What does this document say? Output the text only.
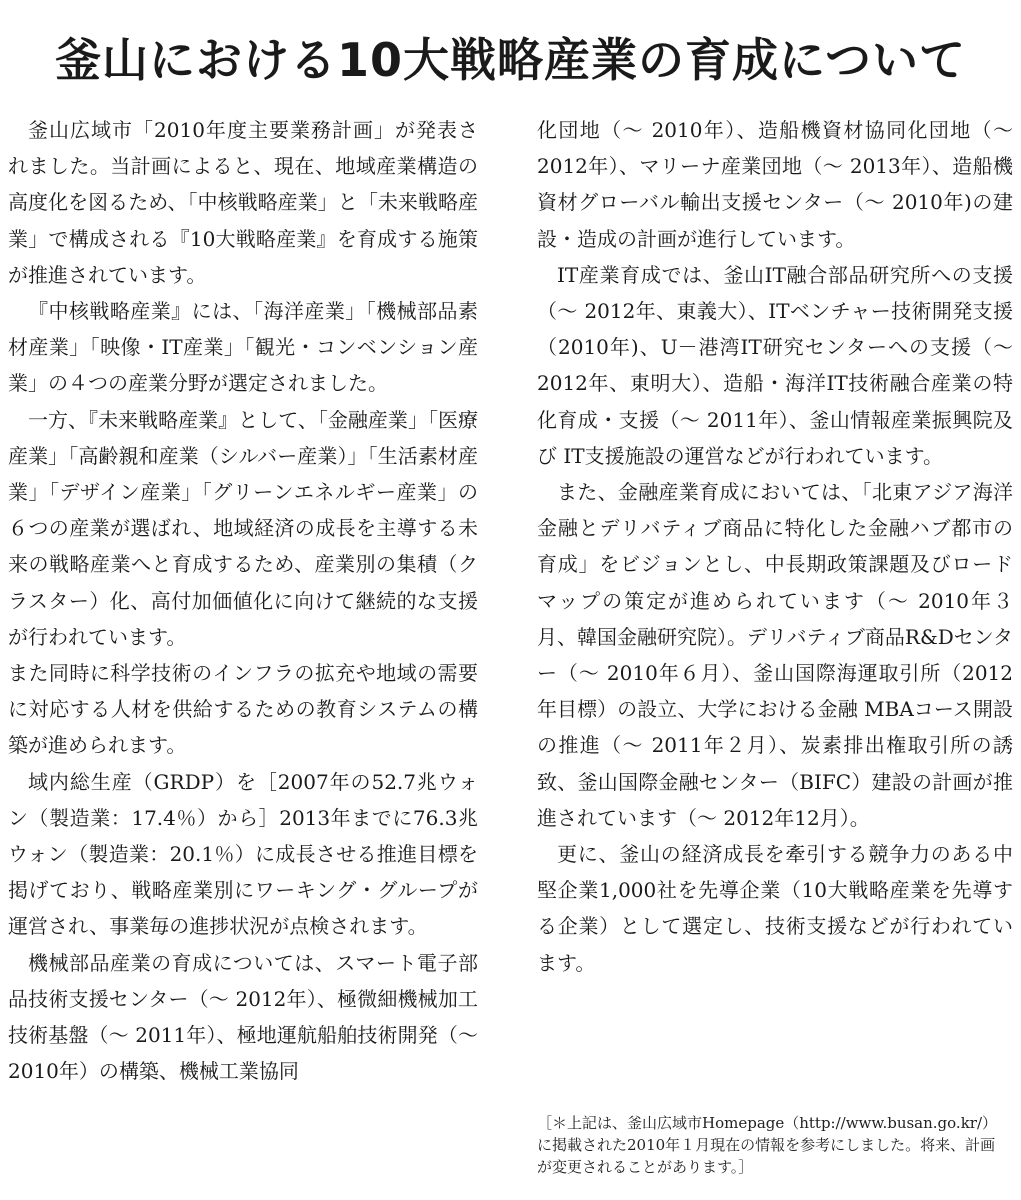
釜山における10大戦略産業の育成について

釜山広域市「2010年度主要業務計画」が発表されました。当計画によると、現在、地域産業構造の高度化を図るため、「中核戦略産業」と「未来戦略産業」で構成される『10大戦略産業』を育成する施策が推進されています。

『中核戦略産業』には、「海洋産業」「機械部品素材産業」「映像・IT産業」「観光・コンベンション産業」の４つの産業分野が選定されました。

一方、『未来戦略産業』として、「金融産業」「医療産業」「高齢親和産業（シルバー産業）」「生活素材産業」「デザイン産業」「グリーンエネルギー産業」の６つの産業が選ばれ、地域経済の成長を主導する未来の戦略産業へと育成するため、産業別の集積（クラスター）化、高付加価値化に向けて継続的な支援が行われています。

また同時に科学技術のインフラの拡充や地域の需要に対応する人材を供給するための教育システムの構築が進められます。

域内総生産（GRDP）を［2007年の52.7兆ウォン（製造業：17.4％）から］2013年までに76.3兆ウォン（製造業：20.1％）に成長させる推進目標を掲げており、戦略産業別にワーキング・グループが運営され、事業毎の進捗状況が点検されます。

機械部品産業の育成については、スマート電子部品技術支援センター（～ 2012年）、極微細機械加工技術基盤（～ 2011年）、極地運航船舶技術開発（～ 2010年）の構築、機械工業協同

化団地（～ 2010年）、造船機資材協同化団地（～ 2012年）、マリーナ産業団地（～ 2013年）、造船機資材グローバル輸出支援センター（～ 2010年)の建設・造成の計画が進行しています。

IT産業育成では、釜山IT融合部品研究所への支援（～ 2012年、東義大）、ITベンチャー技術開発支援（2010年)、U－港湾IT研究センターへの支援（～ 2012年、東明大）、造船・海洋IT技術融合産業の特化育成・支援（～ 2011年）、釜山情報産業振興院及び IT支援施設の運営などが行われています。

また、金融産業育成においては、「北東アジア海洋金融とデリバティブ商品に特化した金融ハブ都市の育成」をビジョンとし、中長期政策課題及びロードマップの策定が進められています（～ 2010年３月、韓国金融研究院）。デリバティブ商品R&Dセンター（～ 2010年６月）、釜山国際海運取引所（2012年目標）の設立、大学における金融 MBAコース開設の推進（～ 2011年２月）、炭素排出権取引所の誘致、釜山国際金融センター（BIFC）建設の計画が推進されています（～ 2012年12月）。

更に、釜山の経済成長を牽引する競争力のある中堅企業1,000社を先導企業（10大戦略産業を先導する企業）として選定し、技術支援などが行われています。

［＊上記は、釜山広域市Homepage（http://www.busan.go.kr/）に掲載された2010年１月現在の情報を参考にしました。将来、計画が変更されることがあります。］
